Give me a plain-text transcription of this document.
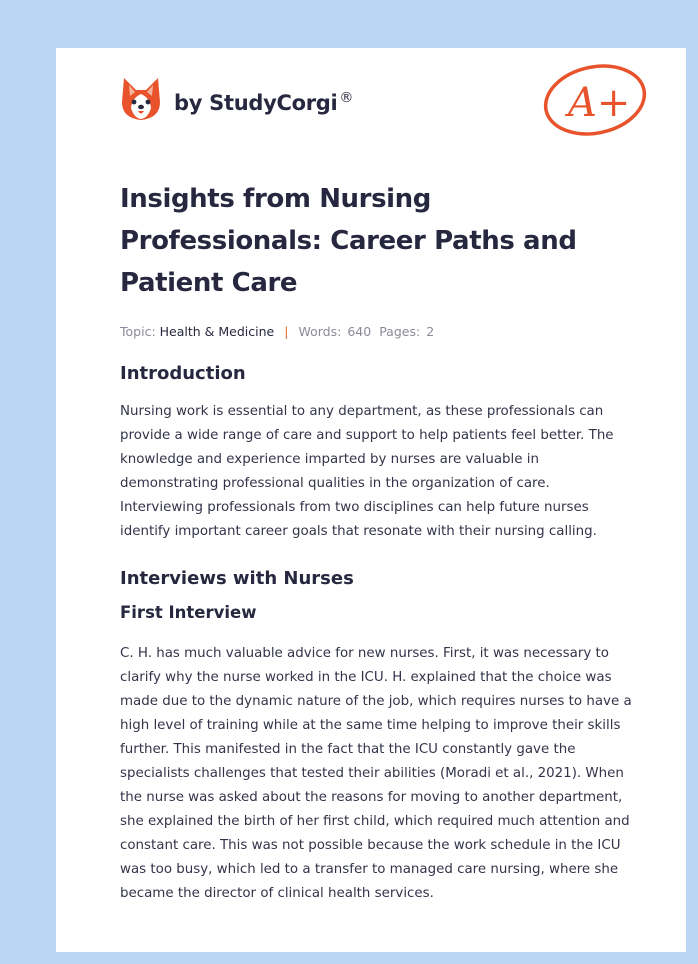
by StudyCorgi ®	A+
Insights from Nursing Professionals: Career Paths and Patient Care
Topic: Health & Medicine | Words: 640 Pages: 2
Introduction

Nursing work is essential to any department, as these professionals can provide a wide range of care and support to help patients feel better. The knowledge and experience imparted by nurses are valuable in demonstrating professional qualities in the organization of care. Interviewing professionals from two disciplines can help future nurses identify important career goals that resonate with their nursing calling.

Interviews with Nurses
First Interview

C. H. has much valuable advice for new nurses. First, it was necessary to clarify why the nurse worked in the ICU. H. explained that the choice was made due to the dynamic nature of the job, which requires nurses to have a high level of training while at the same time helping to improve their skills further. This manifested in the fact that the ICU constantly gave the specialists challenges that tested their abilities (Moradi et al., 2021). When the nurse was asked about the reasons for moving to another department, she explained the birth of her first child, which required much attention and constant care. This was not possible because the work schedule in the ICU was too busy, which led to a transfer to managed care nursing, where she became the director of clinical health services.
